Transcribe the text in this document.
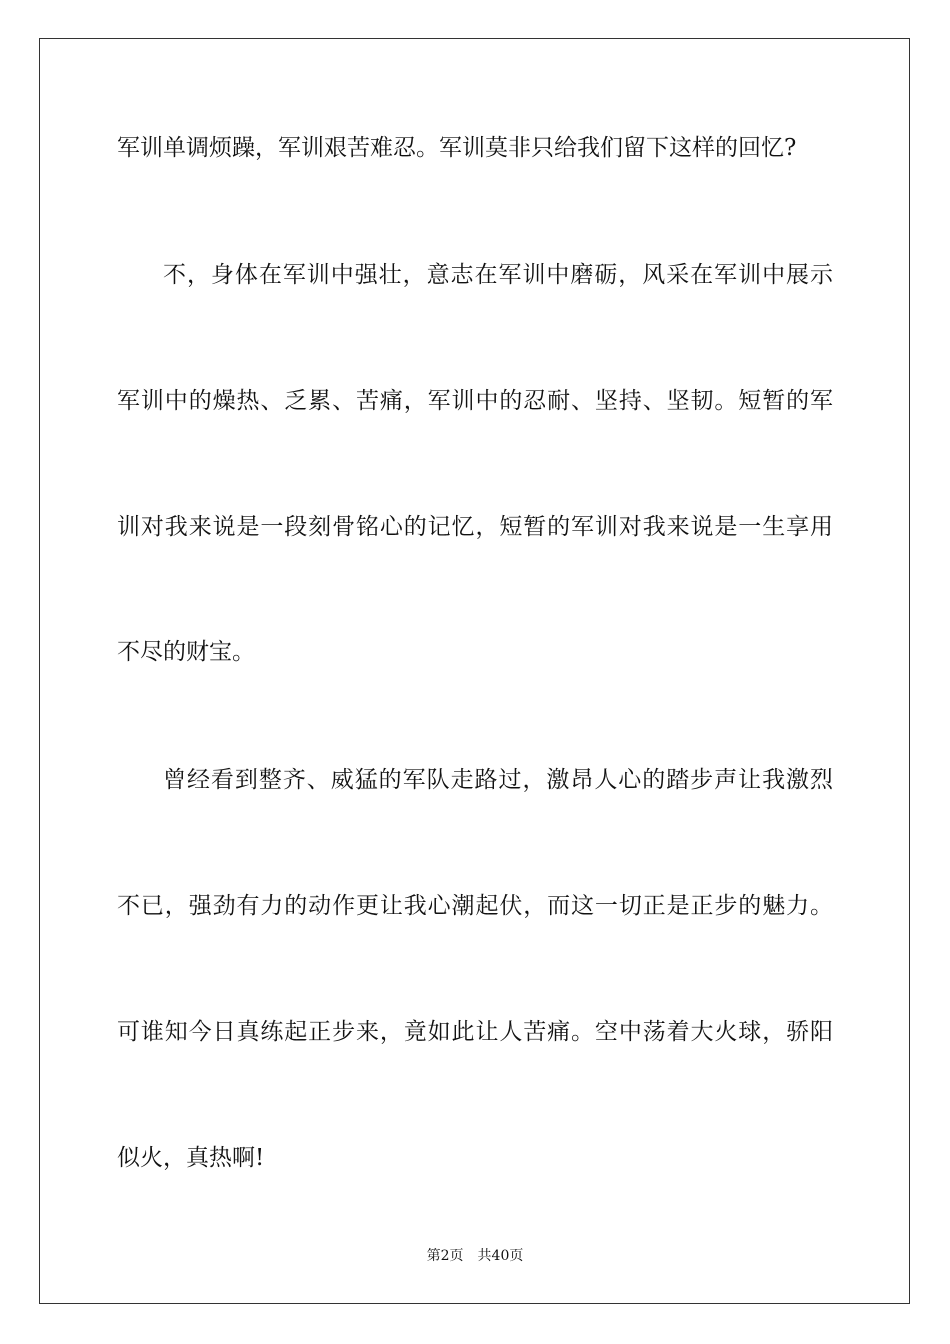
军训单调烦躁，军训艰苦难忍。军训莫非只给我们留下这样的回忆?
不，身体在军训中强壮，意志在军训中磨砺，风采在军训中展示
军训中的燥热、乏累、苦痛，军训中的忍耐、坚持、坚韧。短暂的军
训对我来说是一段刻骨铭心的记忆，短暂的军训对我来说是一生享用
不尽的财宝。
曾经看到整齐、威猛的军队走路过，激昂人心的踏步声让我激烈
不已，强劲有力的动作更让我心潮起伏，而这一切正是正步的魅力。
可谁知今日真练起正步来，竟如此让人苦痛。空中荡着大火球，骄阳
似火，真热啊!
第2页 共40页
